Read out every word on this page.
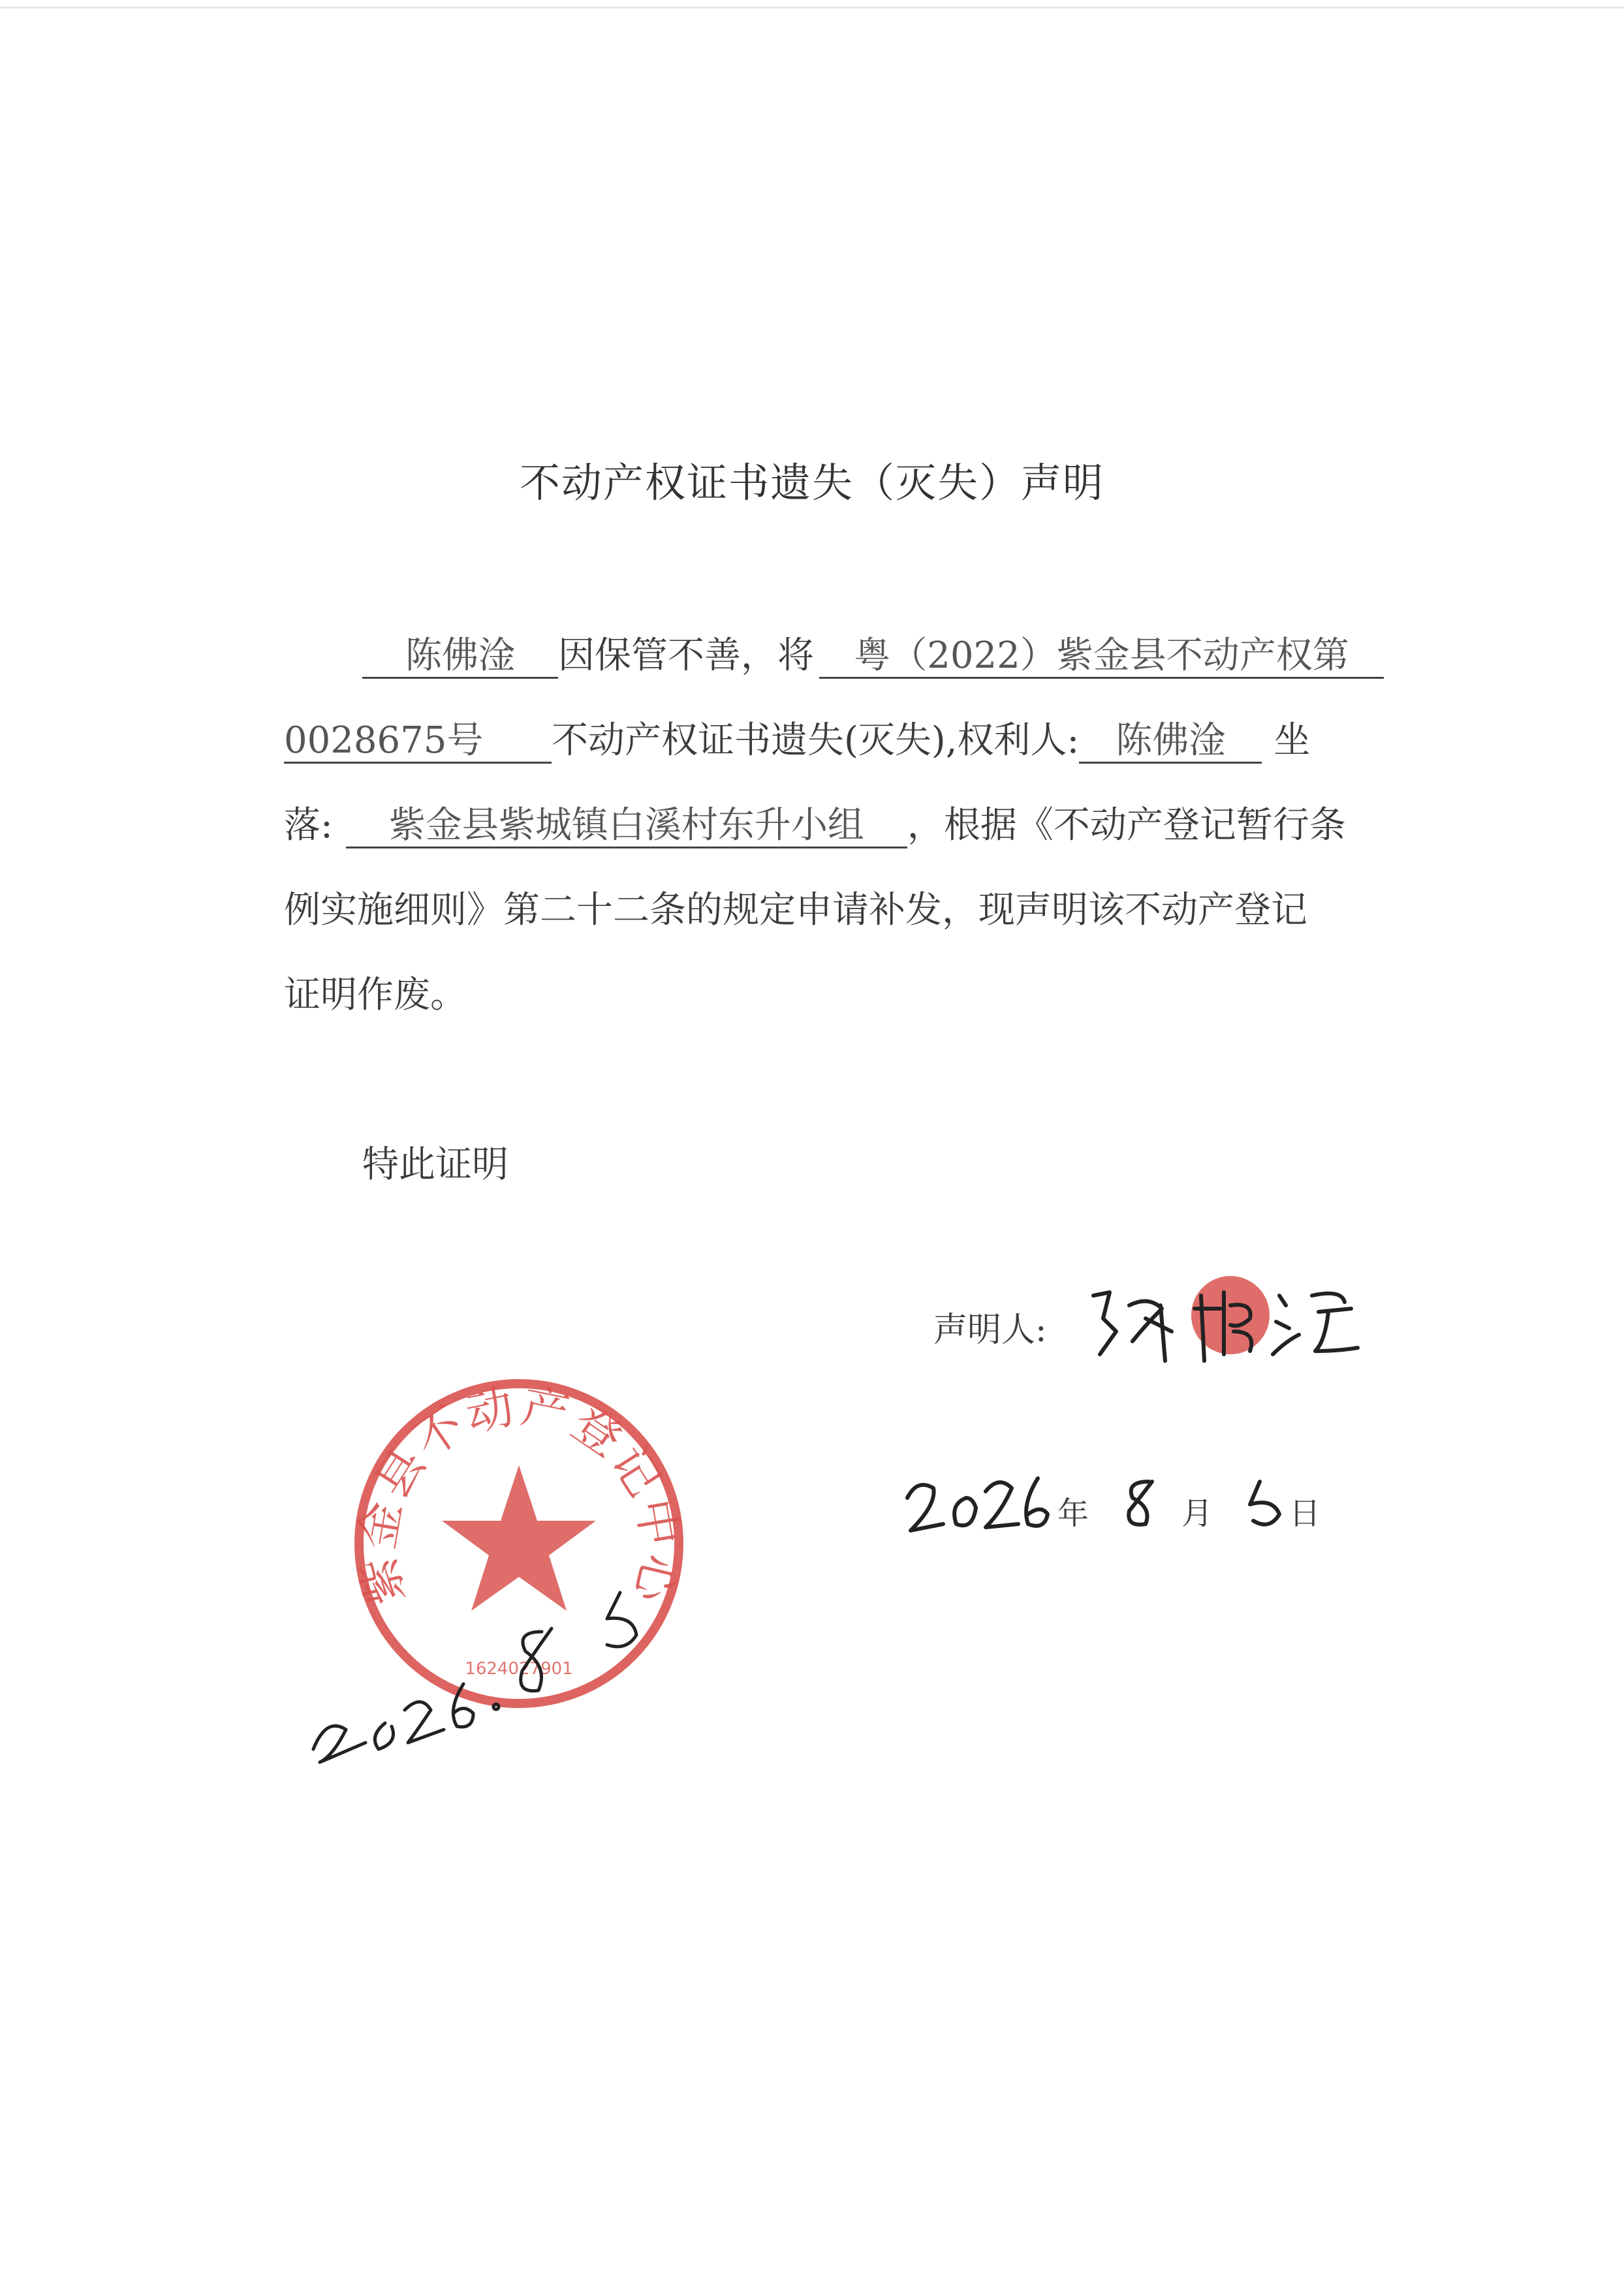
不动产权证书遗失（灭失）声明
陈佛淦 因保管不善，将 粤（2022）紫金县不动产权第
0028675号 不动产权证书遗失(灭失),权利人: 陈佛淦 坐
落: 紫金县紫城镇白溪村东升小组 ，根据《不动产登记暂行条
例实施细则》第二十二条的规定申请补发，现声明该不动产登记
证明作废。
特此证明
声明人:
年	月 日
紫金县不动产登记中心
1624027901
